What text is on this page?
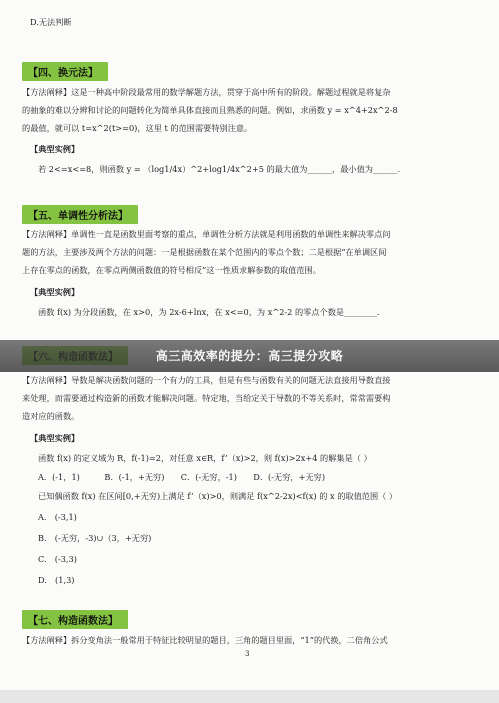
D.无法判断
【四、换元法】
【方法阐释】这是一种高中阶段最常用的数学解题方法，贯穿于高中所有的阶段。解题过程就是将复杂
的抽象的难以分辨和讨论的问题转化为简单具体直接而且熟悉的问题。例如，求函数 y = x^4+2x^2-8
的最值，就可以 t=x^2(t>=0)，这里 t 的范围需要特别注意。
【典型实例】
若 2<=x<=8，则函数 y = （log1/4x）^2+log1/4x^2+5 的最大值为______，最小值为______.
【五、单调性分析法】
【方法阐释】单调性一直是函数里面考察的重点，单调性分析方法就是利用函数的单调性来解决零点问
题的方法，主要涉及两个方法的问题：一是根据函数在某个范围内的零点个数；二是根据“在单调区间
上存在零点的函数，在零点两侧函数值的符号相反”这一性质求解参数的取值范围。
【典型实例】
函数 f(x) 为分段函数，在 x>0，为 2x-6+lnx，在 x<=0，为 x^2-2 的零点个数是________.
【方法阐释】导数是解决函数问题的一个有力的工具，但是有些与函数有关的问题无法直接用导数直接
来处理，而需要通过构造新的函数才能解决问题。特定地，当给定关于导数的不等关系时，常常需要构
造对应的函数。
【典型实例】
函数 f(x) 的定义域为 R，f(-1)=2，对任意 x∈R，f’（x)>2，则 f(x)>2x+4 的解集是（ ）
A．(-1，1)　　　B．(-1，+无穷)　　C．(-无穷，-1)　　D．(-无穷，+无穷)
已知偶函数 f(x) 在区间[0,+无穷)上满足 f’（x)>0，则满足 f(x^2-2x)<f(x) 的 x 的取值范围（ ）
A.　(-3,1)
B.　(-无穷，-3)∪（3，+无穷)
C.　(-3,3)
D.　(1,3)
【七、构造函数法】
【方法阐释】拆分变角法一般常用于特征比较明显的题目，三角的题目里面，“1”的代换，二倍角公式
3
高三高效率的提分：高三提分攻略
